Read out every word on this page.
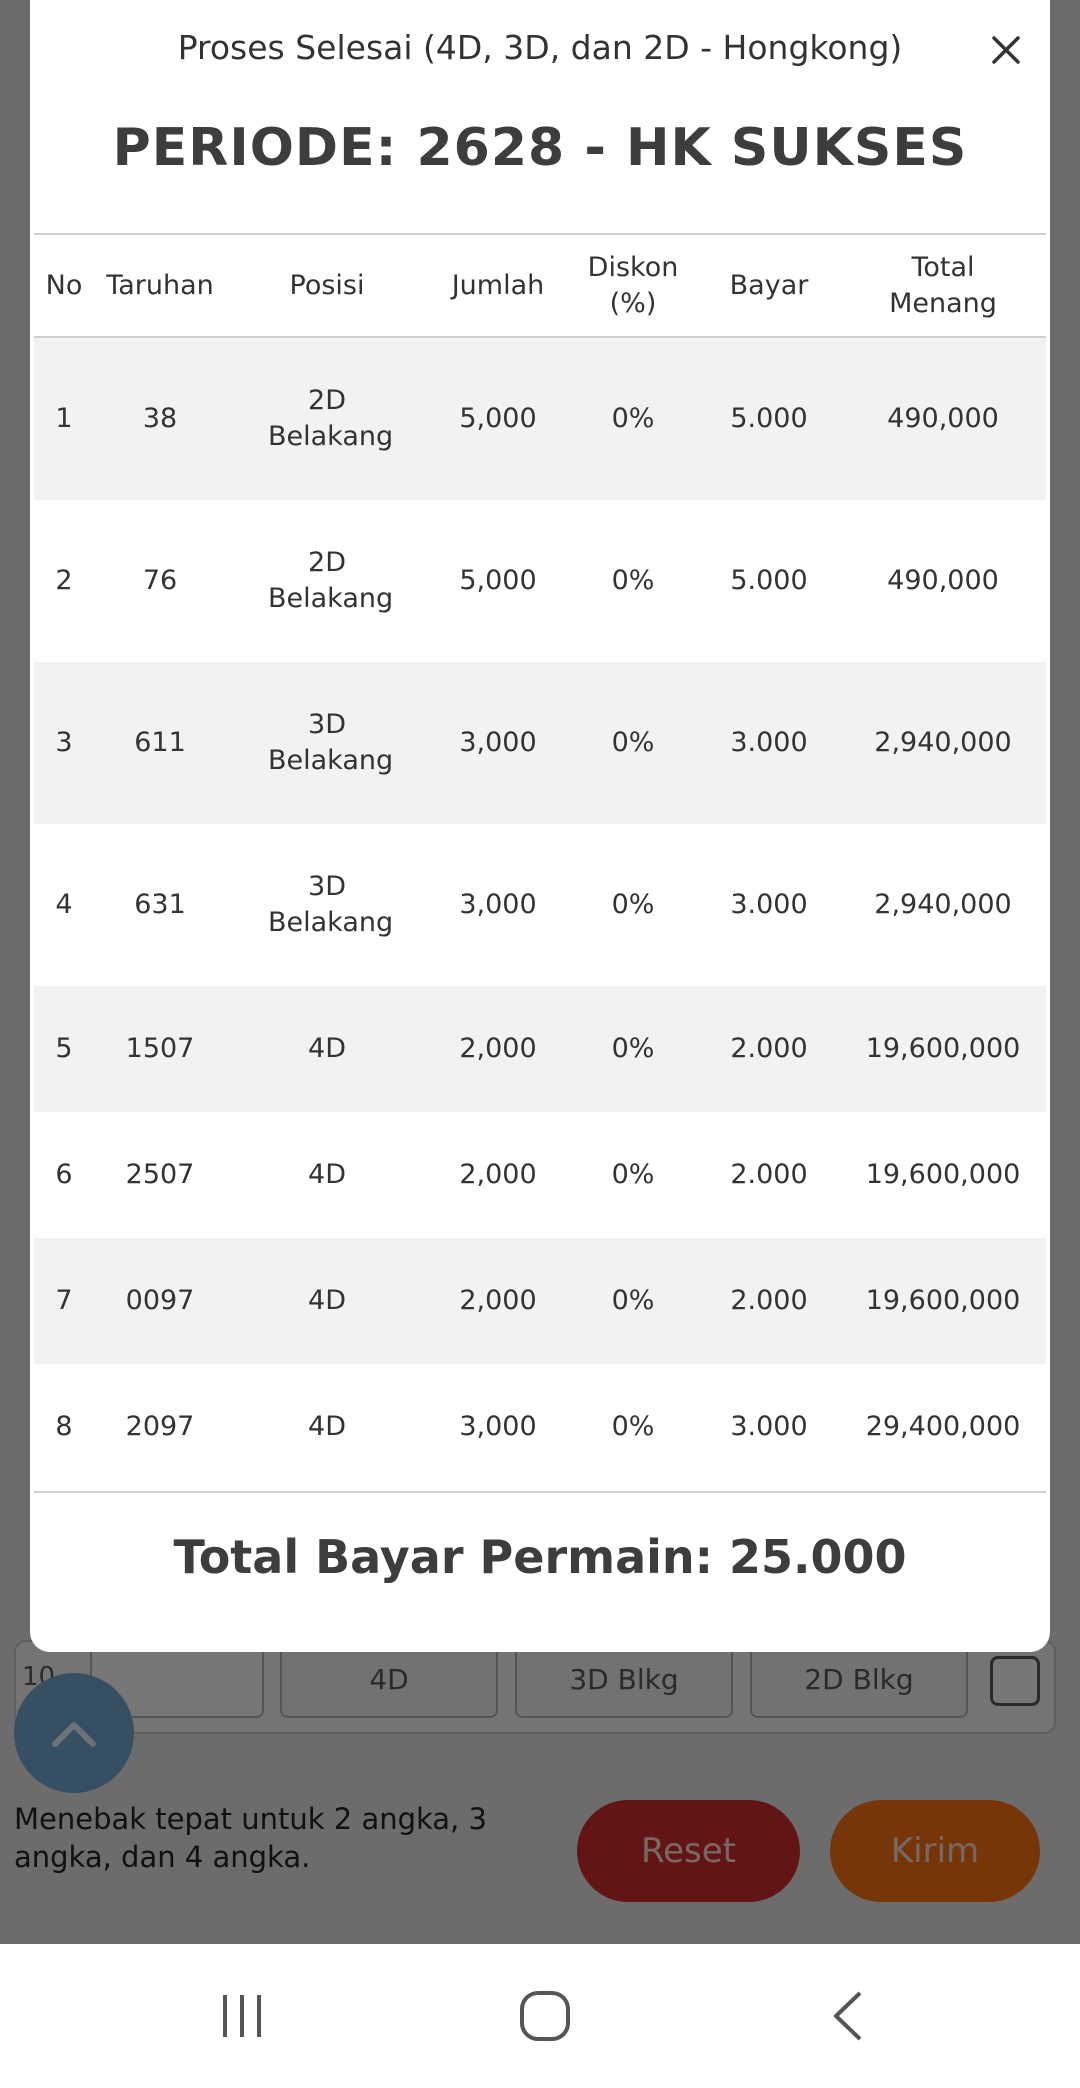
Proses Selesai (4D, 3D, dan 2D - Hongkong)
PERIODE: 2628 - HK SUKSES
No	Taruhan	Posisi	Jumlah	Diskon (%)	Bayar	Total Menang
1	38	2D Belakang	5,000	0%	5.000	490,000
2	76	2D Belakang	5,000	0%	5.000	490,000
3	611	3D Belakang	3,000	0%	3.000	2,940,000
4	631	3D Belakang	3,000	0%	3.000	2,940,000
5	1507	4D	2,000	0%	2.000	19,600,000
6	2507	4D	2,000	0%	2.000	19,600,000
7	0097	4D	2,000	0%	2.000	19,600,000
8	2097	4D	3,000	0%	3.000	29,400,000
Total Bayar Permain: 25.000
